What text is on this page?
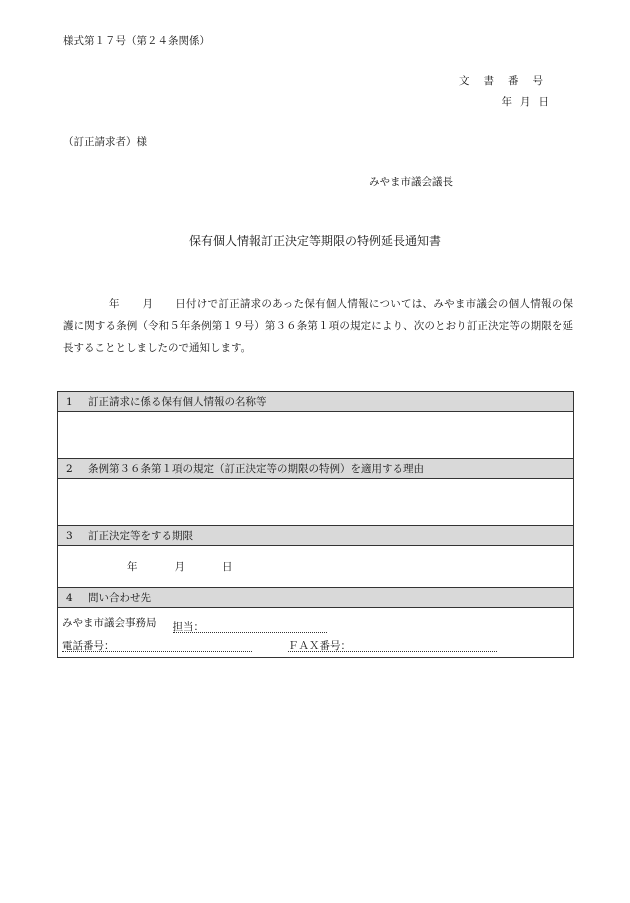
様式第１７号（第２４条関係）
文書番号
年月日
（訂正請求者）様
みやま市議会議長
保有個人情報訂正決定等期限の特例延長通知書
年 月 日付けで訂正請求のあった保有個人情報については、みやま市議会の個人情報の保護に関する条例（令和５年条例第１９号）第３６条第１項の規定により、次のとおり訂正決定等の期限を延長することとしましたので通知します。
1 訂正請求に係る保有個人情報の名称等

2 条例第３６条第１項の規定（訂正決定等の期限の特例）を適用する理由

3 訂正決定等をする期限
年	月	日
4 問い合わせ先

みやま市議会事務局 担当：
電話番号：	ＦＡＸ番号：
